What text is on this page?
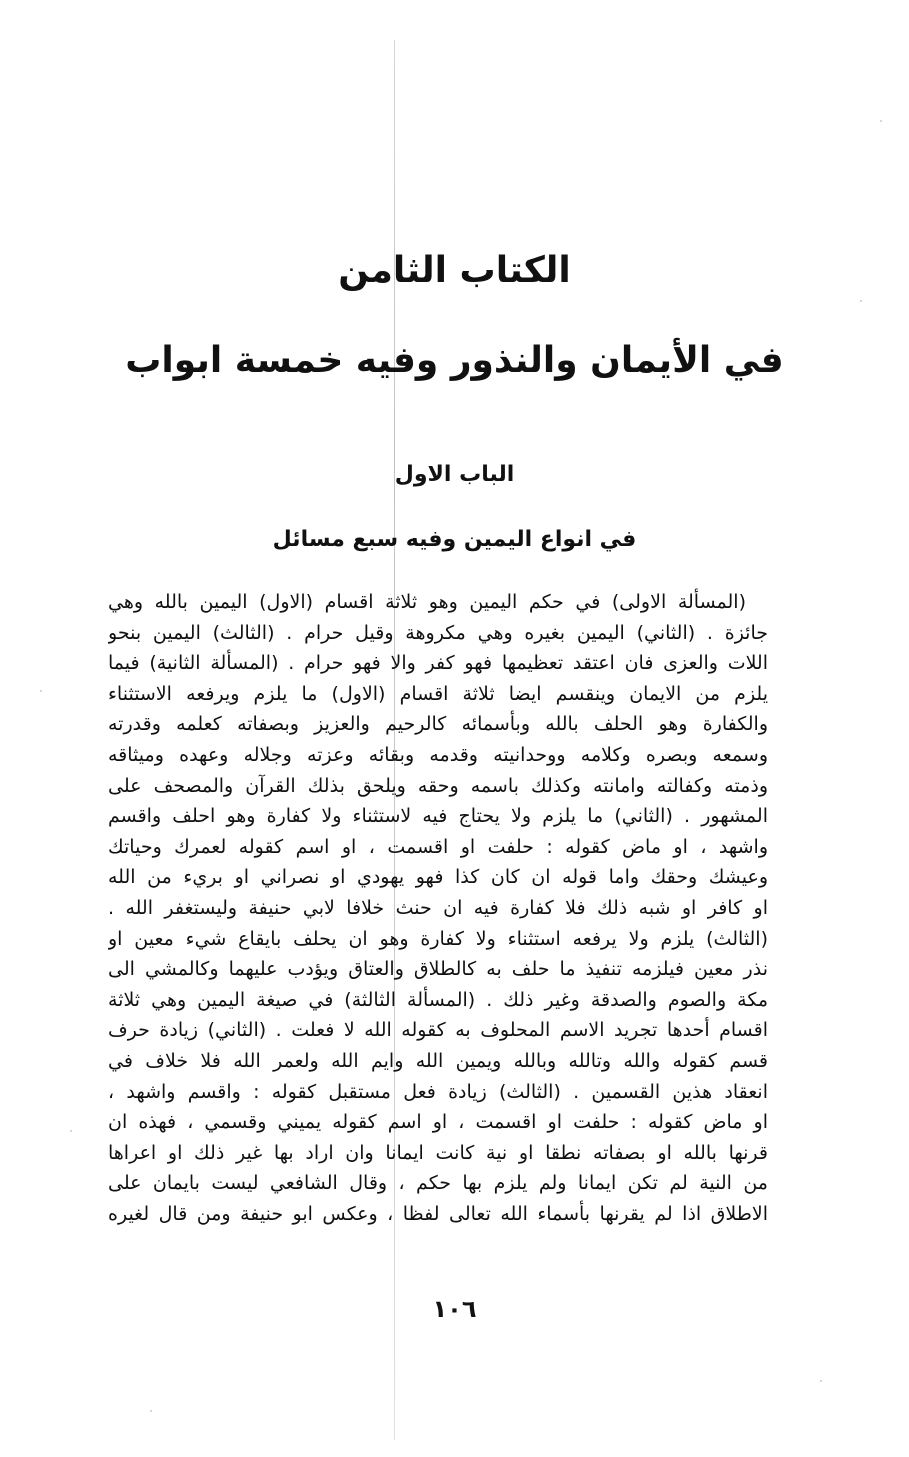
الكتاب الثامن
في الأيمان والنذور وفيه خمسة ابواب
الباب الاول
في انواع اليمين وفيه سبع مسائل
(المسألة الاولى) في حكم اليمين وهو ثلاثة اقسام (الاول) اليمين بالله وهي
جائزة . (الثاني) اليمين بغيره وهي مكروهة وقيل حرام . (الثالث) اليمين بنحو
اللات والعزى فان اعتقد تعظيمها فهو كفر والا فهو حرام . (المسألة الثانية) فيما
يلزم من الايمان وينقسم ايضا ثلاثة اقسام (الاول) ما يلزم ويرفعه الاستثناء
والكفارة وهو الحلف بالله وبأسمائه كالرحيم والعزيز وبصفاته كعلمه وقدرته
وسمعه وبصره وكلامه ووحدانيته وقدمه وبقائه وعزته وجلاله وعهده وميثاقه
وذمته وكفالته وامانته وكذلك باسمه وحقه ويلحق بذلك القرآن والمصحف على
المشهور . (الثاني) ما يلزم ولا يحتاج فيه لاستثناء ولا كفارة وهو احلف واقسم
واشهد ، او ماض كقوله : حلفت او اقسمت ، او اسم كقوله لعمرك وحياتك
وعيشك وحقك واما قوله ان كان كذا فهو يهودي او نصراني او بريء من الله
او كافر او شبه ذلك فلا كفارة فيه ان حنث خلافا لابي حنيفة وليستغفر الله .
(الثالث) يلزم ولا يرفعه استثناء ولا كفارة وهو ان يحلف بايقاع شيء معين او
نذر معين فيلزمه تنفيذ ما حلف به كالطلاق والعتاق ويؤدب عليهما وكالمشي الى
مكة والصوم والصدقة وغير ذلك . (المسألة الثالثة) في صيغة اليمين وهي ثلاثة
اقسام أحدها تجريد الاسم المحلوف به كقوله الله لا فعلت . (الثاني) زيادة حرف
قسم كقوله والله وتالله وبالله ويمين الله وايم الله ولعمر الله فلا خلاف في
انعقاد هذين القسمين . (الثالث) زيادة فعل مستقبل كقوله : واقسم واشهد ،
او ماض كقوله : حلفت او اقسمت ، او اسم كقوله يميني وقسمي ، فهذه ان
قرنها بالله او بصفاته نطقا او نية كانت ايمانا وان اراد بها غير ذلك او اعراها
من النية لم تكن ايمانا ولم يلزم بها حكم ، وقال الشافعي ليست بايمان على
الاطلاق اذا لم يقرنها بأسماء الله تعالى لفظا ، وعكس ابو حنيفة ومن قال لغيره
١٠٦
